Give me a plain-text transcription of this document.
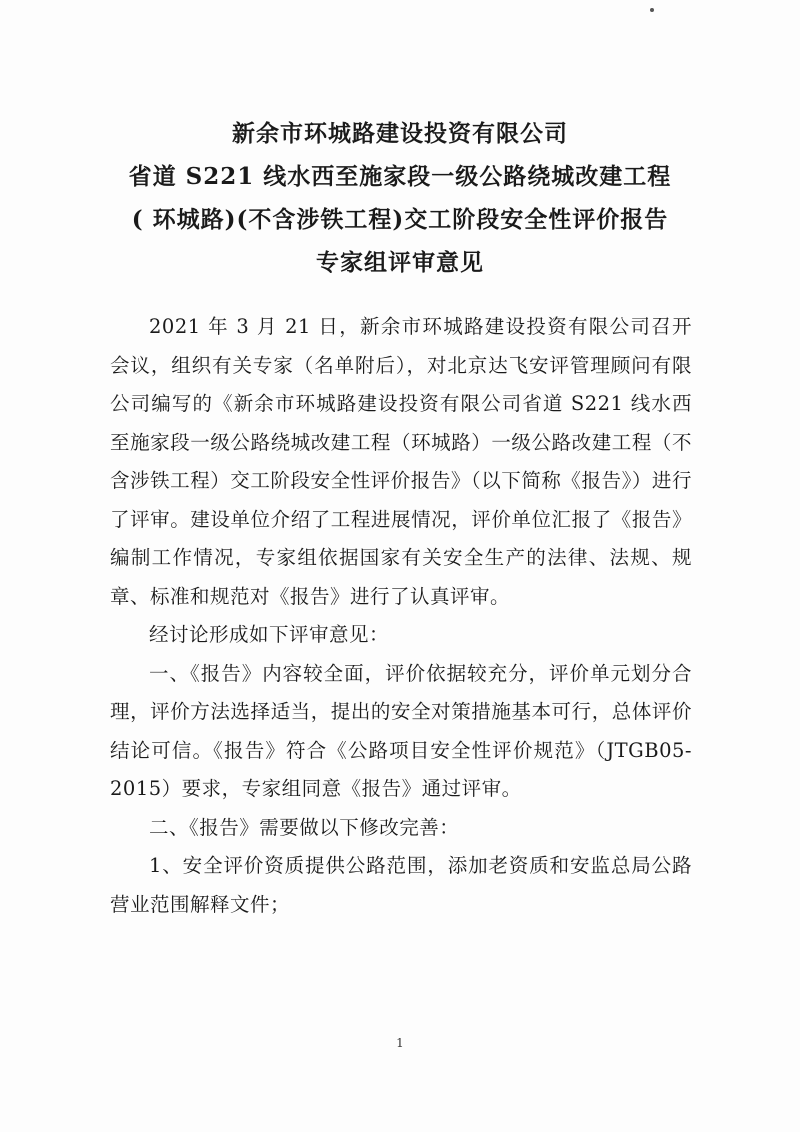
新余市环城路建设投资有限公司
省道 S221 线水西至施家段一级公路绕城改建工程
( 环城路)(不含涉铁工程)交工阶段安全性评价报告
专家组评审意见

2021 年 3 月 21 日，新余市环城路建设投资有限公司召开会议，组织有关专家（名单附后），对北京达飞安评管理顾问有限公司编写的《新余市环城路建设投资有限公司省道 S221 线水西至施家段一级公路绕城改建工程（环城路）一级公路改建工程（不含涉铁工程）交工阶段安全性评价报告》（以下简称《报告》）进行了评审。建设单位介绍了工程进展情况，评价单位汇报了《报告》编制工作情况，专家组依据国家有关安全生产的法律、法规、规章、标准和规范对《报告》进行了认真评审。

经讨论形成如下评审意见：

一、《报告》内容较全面，评价依据较充分，评价单元划分合理，评价方法选择适当，提出的安全对策措施基本可行，总体评价结论可信。《报告》符合《公路项目安全性评价规范》（JTGB05-2015）要求，专家组同意《报告》通过评审。

二、《报告》需要做以下修改完善：

1、安全评价资质提供公路范围，添加老资质和安监总局公路营业范围解释文件；

1
